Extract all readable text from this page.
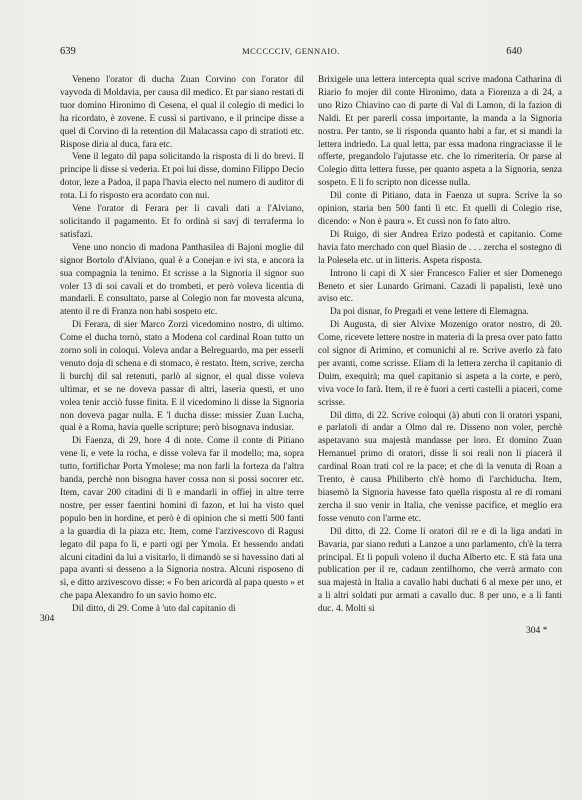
639	MCCCCCIV, GENNAIO.	640

Veneno l'orator di ducha Zuan Corvino con l'orator dil vayvoda di Moldavia, per causa dil medico. Et par siano restati di tuor domino Hironimo di Cesena, el qual il colegio di medici lo ha ricordato, è zovene. E cussì si partivano, e il principe disse a quel di Corvino di la retention dil Malacassa capo di stratioti etc. Rispose diria al duca, fara etc.

Vene il legato dil papa solicitando la risposta di li do brevi. Il principe li disse si vederia. Et poi lui disse, domino Filippo Decio dotor, leze a Padoa, il papa l'havia electo nel numero di auditor di rota. Li fo risposto era acordato con nui.

Vene l'orator di Ferara per li cavali dati a l'Alviano, solicitando il pagamento. Et fo ordinà si savj di terraferma lo satisfazi.

Vene uno noncio di madona Panthasilea di Bajoni moglie dil signor Bortolo d'Alviano, qual è a Conejan e ivi sta, e ancora la sua compagnia la tenimo. Et scrisse a la Signoria il signor suo voler 13 di soi cavali et do trombeti, et però voleva licentia di mandarli. E consultato, parse al Colegio non far movesta alcuna, atento il re di Franza non habi sospeto etc.

Di Ferara, di sier Marco Zorzi vicedomino nostro, di ultimo. Come el ducha tornò, stato a Modena col cardinal Roan tutto un zorno soli in coloqui. Voleva andar a Belreguardo, ma per esserli venuto doja di schena e di stomaco, è restato. Item, scrive, zercha li burchj dil sal retenuti, parlò al signor, el qual disse voleva ultimar, et se ne doveva passar di altri, laseria questi, et uno volea tenir acciò fusse finita. E il vicedomino li disse la Signoria non doveva pagar nulla. E 'l ducha disse: missier Zuan Lucha, qual è a Roma, havia quelle scripture; però bisognava indusiar.

Di Faenza, di 29, hore 4 di note. Come il conte di Pitiano vene lì, e vete la rocha, e disse voleva far il modello; ma, sopra tutto, fortifichar Porta Ymolese; ma non farli la forteza da l'altra banda, perchè non bisogna haver cossa non si possi socorer etc. Item, cavar 200 citadini di lì e mandarli in offiej in altre terre nostre, per esser faentini homini di fazon, et lui ha visto quel populo ben in hordine, et però è di opinion che si metti 500 fanti a la guardia di la piaza etc. Item, come l'arzivescovo di Ragusi legato dil papa fo lì, e parti ogi per Ymola. Et hessendo andati alcuni citadini da lui a visitarlo, li dimandò se si havessino dati al papa avanti si desseno a la Signoria nostra. Alcuni risposeno di sì, e ditto arzivescovo disse: « Fo ben aricordà al papa questo » et che papa Alexandro fo un savio homo etc.

Dil ditto, di 29. Come à 'uto dal capitanio di

Brixigele una lettera intercepta qual scrive madona Catharina di Riario fo mojer dil conte Hironimo, data a Fiorenza a di 24, a uno Rizo Chiavino cao di parte di Val di Lamon, di la fazion di Naldi. Et per parerli cossa importante, la manda a la Signoria nostra. Per tanto, se li risponda quanto habi a far, et si mandi la lettera indriedo. La qual letta, par essa madona ringraciasse il le offerte, pregandolo l'ajutasse etc. che lo rimeriteria. Or parse al Colegio ditta lettera fusse, per quanto aspeta a la Signoria, senza sospeto. E li fo scripto non dicesse nulla.

Dil conte di Pitiano, data in Faenza ut supra. Scrive la so opinion, staria ben 500 fanti lì etc. Et quelli di Colegio rise, dicendo: « Non è paura ». Et cussì non fo fato altro.

Di Ruigo, di sier Andrea Erizo podestà et capitanio. Come havia fato merchado con quel Biasio de . . . zercha el sostegno di la Polesela etc. ut in litteris. Aspeta risposta.

Introno li capi di X sier Francesco Falier et sier Domenego Beneto et sier Lunardo Grimani. Cazadi li papalisti, lexè uno aviso etc.

Da poi disnar, fo Pregadi et vene lettere di Elemagna.

Di Augusta, di sier Alvixe Mozenigo orator nostro, di 20. Come, ricevete lettere nostre in materia di la presa over pato fatto col signor di Arimino, et comunichi al re. Scrive averlo zà fato per avanti, come scrisse. Eliam di la lettera zercha il capitanio di Duim, exequirà; ma quel capitanio si aspeta a la corte, e però, viva voce lo farà. Item, il re è fuori a certi castelli a piaceri, come scrisse.

Dil ditto, di 22. Scrive coloqui (à) abuti con li oratori yspani, e parlatoli di andar a Olmo dal re. Disseno non voler, perchè aspetavano sua majestà mandasse per loro. Et domino Zuan Hemanuel primo di oratori, disse li soi reali non li piacerà il cardinal Roan trati col re la pace; et che di la venuta di Roan a Trento, è causa Philiberto ch'è homo di l'archiducha. Item, biasemò la Signoria havesse fato quella risposta al re di romani zercha il suo venir in Italia, che venisse pacifice, et meglio era fosse venuto con l'arme etc.

Dil ditto, di 22. Come li oratori dil re e di la liga andati in Bavaria, par siano reduti a Lanzoe a uno parlamento, ch'è la terra principal. Et li populi voleno il ducha Alberto etc. E stà fata una publication per il re, cadaun zentilhomo, che verrà armato con sua majestà in Italia a cavallo habi duchati 6 al mexe per uno, et a li altri soldati pur armati a cavallo duc. 8 per uno, e a li fanti duc. 4. Molti si

304
304 *
